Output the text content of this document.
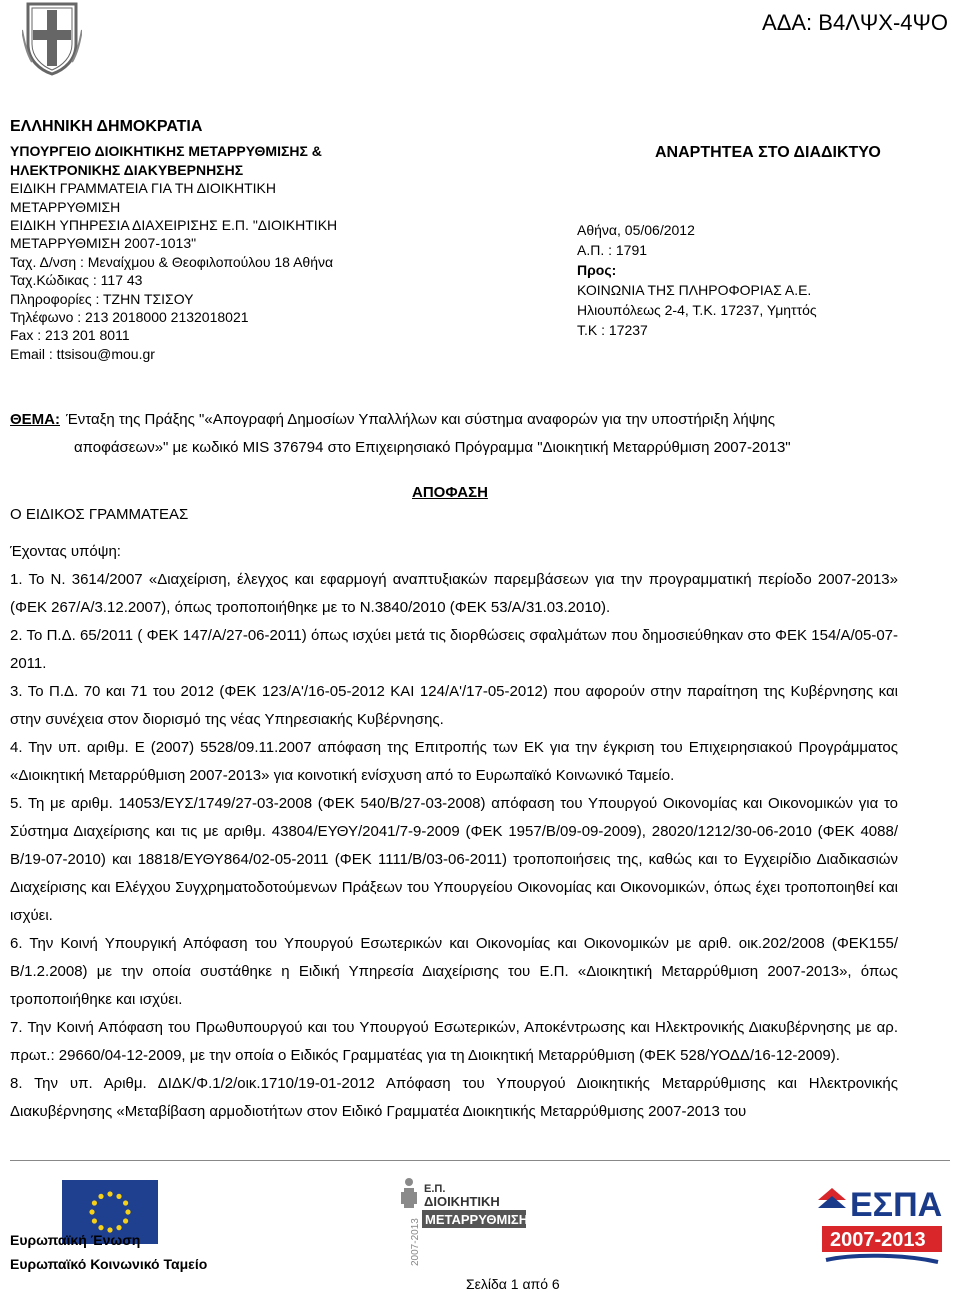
ΑΔΑ: Β4ΛΨΧ-4ΨΟ
ΕΛΛΗΝΙΚΗ ΔΗΜΟΚΡΑΤΙΑ
ΥΠΟΥΡΓΕΙΟ ΔΙΟΙΚΗΤΙΚΗΣ ΜΕΤΑΡΡΥΘΜΙΣΗΣ &
ΗΛΕΚΤΡΟΝΙΚΗΣ ΔΙΑΚΥΒΕΡΝΗΣΗΣ
ΕΙΔΙΚΗ ΓΡΑΜΜΑΤΕΙΑ ΓΙΑ ΤΗ ΔΙΟΙΚΗΤΙΚΗ
ΜΕΤΑΡΡΥΘΜΙΣΗ
ΕΙΔΙΚΗ ΥΠΗΡΕΣΙΑ ΔΙΑΧΕΙΡΙΣΗΣ Ε.Π. "ΔΙΟΙΚΗΤΙΚΗ
ΜΕΤΑΡΡΥΘΜΙΣΗ 2007-1013"
Ταχ. Δ/νση : Μεναίχμου & Θεοφιλοπούλου 18 Αθήνα
Ταχ.Κώδικας : 117 43
Πληροφορίες : ΤΖΗΝ ΤΣΙΣΟΥ
Τηλέφωνο : 213 2018000 2132018021
Fax : 213 201 8011
Email : ttsisou@mou.gr
ΑΝΑΡΤΗΤΕΑ ΣΤΟ ΔΙΑΔΙΚΤΥΟ
Αθήνα, 05/06/2012
Α.Π. : 1791
Προς:
ΚΟΙΝΩΝΙΑ ΤΗΣ ΠΛΗΡΟΦΟΡΙΑΣ Α.Ε.
Ηλιουπόλεως 2-4, Τ.Κ. 17237, Υμηττός
Τ.Κ : 17237
ΘΕΜΑ: Ένταξη της Πράξης "«Απογραφή Δημοσίων Υπαλλήλων και σύστημα αναφορών για την υποστήριξη λήψης
αποφάσεων»" με κωδικό MIS 376794 στο Επιχειρησιακό Πρόγραμμα "Διοικητική Μεταρρύθμιση 2007-2013"
ΑΠΟΦΑΣΗ
Ο ΕΙΔΙΚΟΣ ΓΡΑΜΜΑΤΕΑΣ
Έχοντας υπόψη:

1. Το Ν. 3614/2007 «Διαχείριση, έλεγχος και εφαρμογή αναπτυξιακών παρεμβάσεων για την προγραμματική περίοδο 2007-2013» (ΦΕΚ 267/Α/3.12.2007), όπως τροποποιήθηκε με το Ν.3840/2010 (ΦΕΚ 53/Α/31.03.2010).

2. Το Π.Δ. 65/2011 ( ΦΕΚ 147/Α/27-06-2011) όπως ισχύει μετά τις διορθώσεις σφαλμάτων που δημοσιεύθηκαν στο ΦΕΚ 154/Α/05-07-2011.

3. Το Π.Δ. 70 και 71 του 2012 (ΦΕΚ 123/Α'/16-05-2012 ΚΑΙ 124/Α'/17-05-2012) που αφορούν στην παραίτηση της Κυβέρνησης και στην συνέχεια στον διορισμό της νέας Υπηρεσιακής Κυβέρνησης.

4. Την υπ. αριθμ. Ε (2007) 5528/09.11.2007 απόφαση της Επιτροπής των ΕΚ για την έγκριση του Επιχειρησιακού Προγράμματος «Διοικητική Μεταρρύθμιση 2007-2013» για κοινοτική ενίσχυση από το Ευρωπαϊκό Κοινωνικό Ταμείο.

5. Τη με αριθμ. 14053/ΕΥΣ/1749/27-03-2008 (ΦΕΚ 540/Β/27-03-2008) απόφαση του Υπουργού Οικονομίας και Οικονομικών για το Σύστημα Διαχείρισης και τις με αριθμ. 43804/ΕΥΘΥ/2041/7-9-2009 (ΦΕΚ 1957/Β/09-09-2009), 28020/1212/30-06-2010 (ΦΕΚ 4088/Β/19-07-2010) και 18818/ΕΥΘΥ864/02-05-2011 (ΦΕΚ 1111/Β/03-06-2011) τροποποιήσεις της, καθώς και το Εγχειρίδιο Διαδικασιών Διαχείρισης και Ελέγχου Συγχρηματοδοτούμενων Πράξεων του Υπουργείου Οικονομίας και Οικονομικών, όπως έχει τροποποιηθεί και ισχύει.

6. Την Κοινή Υπουργική Απόφαση του Υπουργού Εσωτερικών και Οικονομίας και Οικονομικών με αριθ. οικ.202/2008 (ΦΕΚ155/Β/1.2.2008) με την οποία συστάθηκε η Ειδική Υπηρεσία Διαχείρισης του Ε.Π. «Διοικητική Μεταρρύθμιση 2007-2013», όπως τροποποιήθηκε και ισχύει.

7. Την Κοινή Απόφαση του Πρωθυπουργού και του Υπουργού Εσωτερικών, Αποκέντρωσης και Ηλεκτρονικής Διακυβέρνησης με αρ. πρωτ.: 29660/04-12-2009, με την οποία ο Ειδικός Γραμματέας για τη Διοικητική Μεταρρύθμιση (ΦΕΚ 528/ΥΟΔΔ/16-12-2009).

8. Την υπ. Αριθμ. ΔΙΔΚ/Φ.1/2/οικ.1710/19-01-2012 Απόφαση του Υπουργού Διοικητικής Μεταρρύθμισης και Ηλεκτρονικής Διακυβέρνησης «Μεταβίβαση αρμοδιοτήτων στον Ειδικό Γραμματέα Διοικητικής Μεταρρύθμισης 2007-2013 του

Ευρωπαϊκή Ένωση
Ευρωπαϊκό Κοινωνικό Ταμείο
Ε.Π.
ΔΙΟΙΚΗΤΙΚΗ
ΜΕΤΑΡΡΥΘΜΙΣΗ
2007-2013
ΕΣΠΑ
2007-2013
Σελίδα 1 από 6
